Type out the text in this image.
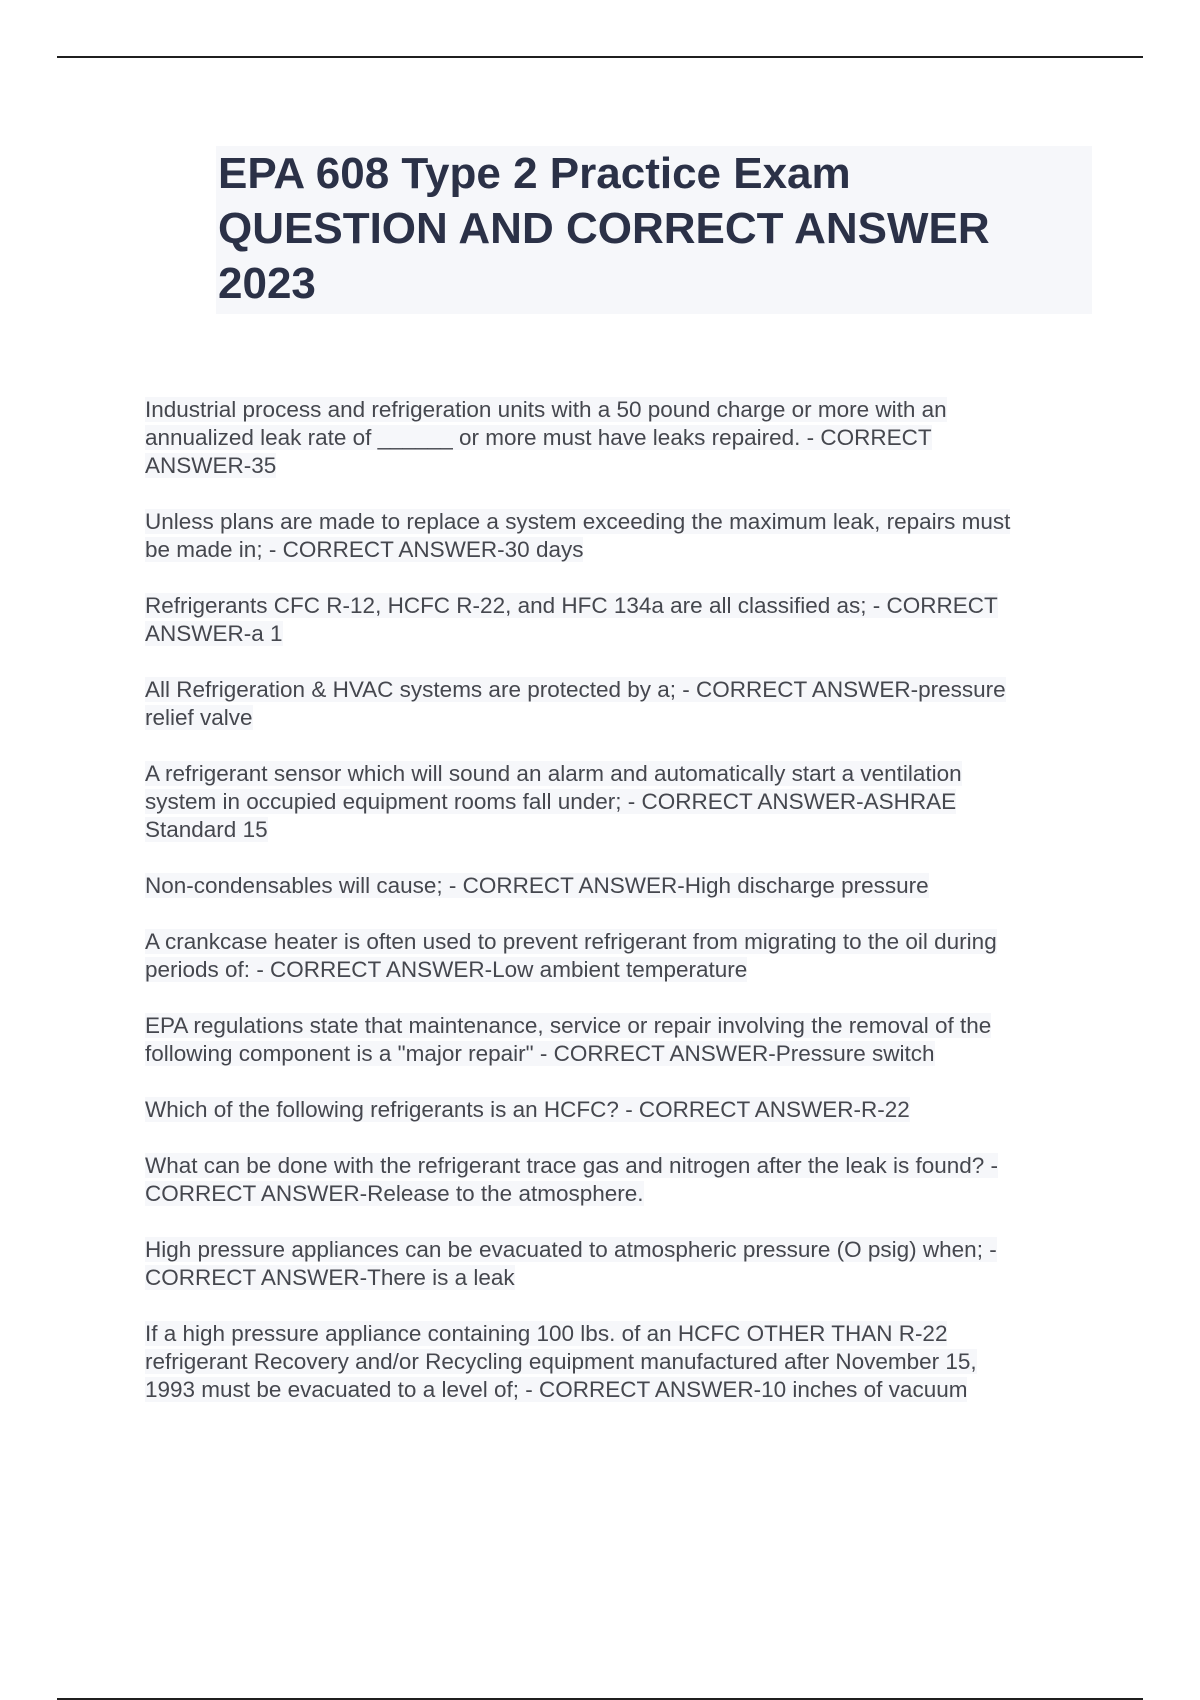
EPA 608 Type 2 Practice Exam
QUESTION AND CORRECT ANSWER
2023
Industrial process and refrigeration units with a 50 pound charge or more with an
annualized leak rate of ______ or more must have leaks repaired. - CORRECT
ANSWER-35
Unless plans are made to replace a system exceeding the maximum leak, repairs must
be made in; - CORRECT ANSWER-30 days
Refrigerants CFC R-12, HCFC R-22, and HFC 134a are all classified as; - CORRECT
ANSWER-a 1
All Refrigeration & HVAC systems are protected by a; - CORRECT ANSWER-pressure
relief valve
A refrigerant sensor which will sound an alarm and automatically start a ventilation
system in occupied equipment rooms fall under; - CORRECT ANSWER-ASHRAE
Standard 15
Non-condensables will cause; - CORRECT ANSWER-High discharge pressure
A crankcase heater is often used to prevent refrigerant from migrating to the oil during
periods of: - CORRECT ANSWER-Low ambient temperature
EPA regulations state that maintenance, service or repair involving the removal of the
following component is a "major repair" - CORRECT ANSWER-Pressure switch
Which of the following refrigerants is an HCFC? - CORRECT ANSWER-R-22
What can be done with the refrigerant trace gas and nitrogen after the leak is found? -
CORRECT ANSWER-Release to the atmosphere.
High pressure appliances can be evacuated to atmospheric pressure (O psig) when; -
CORRECT ANSWER-There is a leak
If a high pressure appliance containing 100 lbs. of an HCFC OTHER THAN R-22
refrigerant Recovery and/or Recycling equipment manufactured after November 15,
1993 must be evacuated to a level of; - CORRECT ANSWER-10 inches of vacuum
